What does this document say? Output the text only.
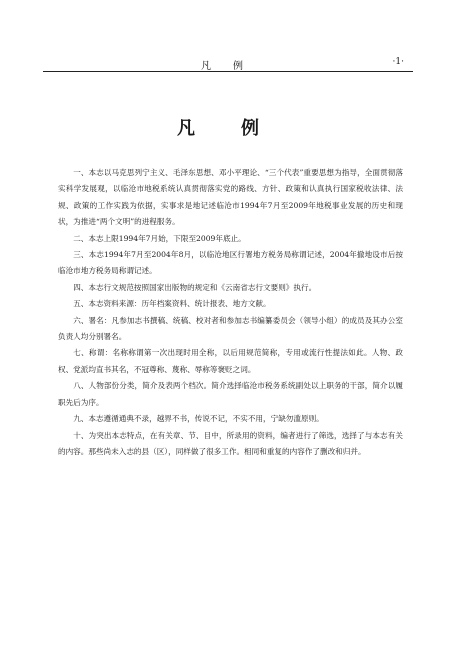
凡　例	·1·
凡　例

一、本志以马克思列宁主义、毛泽东思想、邓小平理论、“三个代表”重要思想为指导，全面贯彻落实科学发展观，以临沧市地税系统认真贯彻落实党的路线、方针、政策和认真执行国家税收法律、法规、政策的工作实践为依据，实事求是地记述临沧市1994年7月至2009年地税事业发展的历史和现状，为推进“两个文明”的进程服务。

二、本志上限1994年7月始，下限至2009年底止。

三、本志1994年7月至2004年8月，以临沧地区行署地方税务局称谓记述，2004年撤地设市后按临沧市地方税务局称谓记述。

四、本志行文规范按照国家出版物的规定和《云南省志行文要则》执行。

五、本志资料来源：历年档案资料、统计报表、地方文献。

六、署名：凡参加志书撰稿、统稿、校对者和参加志书编纂委员会（领导小组）的成员及其办公室负责人均分别署名。

七、称谓：名称称谓第一次出现时用全称，以后用规范简称，专用或流行性提法如此。人物、政权、党派均直书其名，不冠尊称、蔑称、辱称等褒贬之词。

八、人物部份分类，简介及表两个档次。简介选择临沧市税务系统副处以上职务的干部，简介以履职先后为序。

九、本志遵循通典不录，越界不书，传说不记，不实不用，宁缺勿滥原则。

十、为突出本志特点，在有关章、节、目中，所录用的资料，编者进行了筛选，选择了与本志有关的内容。那些尚未入志的县（区），同样做了很多工作。相同和重复的内容作了删改和归并。
